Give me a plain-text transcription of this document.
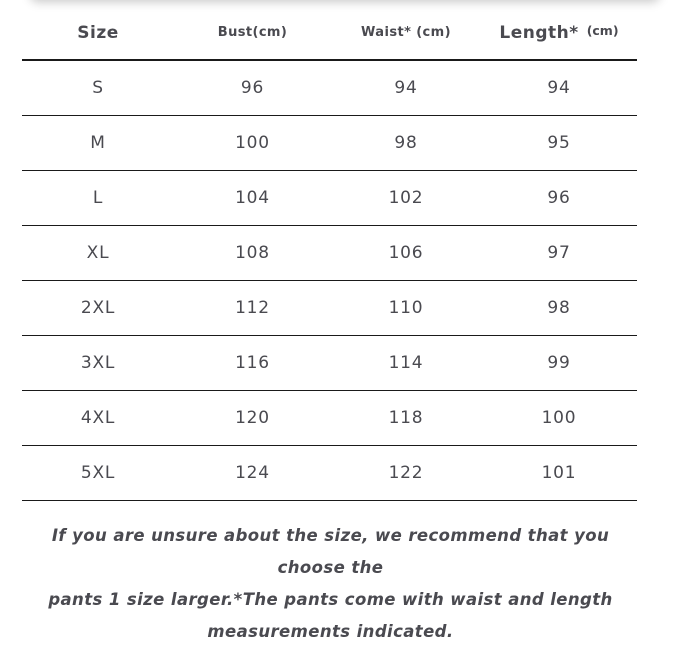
Size	Bust(cm)	Waist* (cm)	Length* (cm)
S	96	94	94
M	100	98	95
L	104	102	96
XL	108	106	97
2XL	112	110	98
3XL	116	114	99
4XL	120	118	100
5XL	124	122	101
If you are unsure about the size, we recommend that you choose the
pants 1 size larger.*The pants come with waist and length
measurements indicated.
